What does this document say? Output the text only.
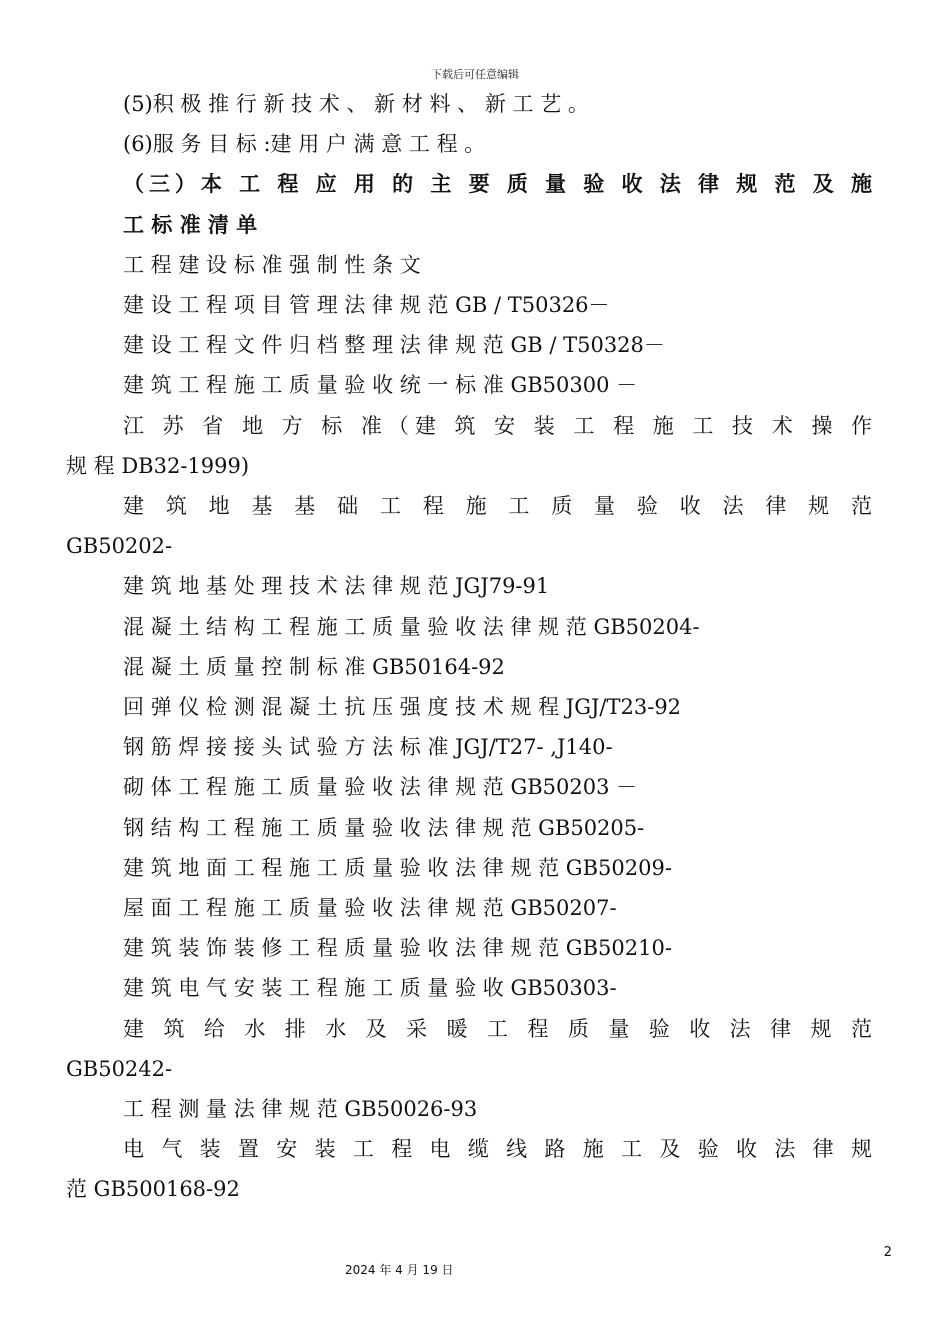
下载后可任意编辑
(5)积 极 推 行 新 技 术 、 新 材 料 、 新 工 艺 。
(6)服 务 目 标 :建 用 户 满 意 工 程 。
（三）本 工 程 应 用 的 主 要 质 量 验 收 法 律 规 范 及 施
工 标 准 清 单
工 程 建 设 标 准 强 制 性 条 文
建 设 工 程 项 目 管 理 法 律 规 范 GB / T50326－
建 设 工 程 文 件 归 档 整 理 法 律 规 范 GB / T50328－
建 筑 工 程 施 工 质 量 验 收 统 一 标 准 GB50300 －
江 苏 省 地 方 标 准（建 筑 安 装 工 程 施 工 技 术 操 作
规 程 DB32-1999)
建 筑 地 基 基 础 工 程 施 工 质 量 验 收 法 律 规 范
GB50202-
建 筑 地 基 处 理 技 术 法 律 规 范 JGJ79-91
混 凝 土 结 构 工 程 施 工 质 量 验 收 法 律 规 范 GB50204-
混 凝 土 质 量 控 制 标 准 GB50164-92
回 弹 仪 检 测 混 凝 土 抗 压 强 度 技 术 规 程 JGJ/T23-92
钢 筋 焊 接 接 头 试 验 方 法 标 准 JGJ/T27- ,J140-
砌 体 工 程 施 工 质 量 验 收 法 律 规 范 GB50203 －
钢 结 构 工 程 施 工 质 量 验 收 法 律 规 范 GB50205-
建 筑 地 面 工 程 施 工 质 量 验 收 法 律 规 范 GB50209-
屋 面 工 程 施 工 质 量 验 收 法 律 规 范 GB50207-
建 筑 装 饰 装 修 工 程 质 量 验 收 法 律 规 范 GB50210-
建 筑 电 气 安 装 工 程 施 工 质 量 验 收 GB50303-
建 筑 给 水 排 水 及 采 暖 工 程 质 量 验 收 法 律 规 范
GB50242-
工 程 测 量 法 律 规 范 GB50026-93
电 气 装 置 安 装 工 程 电 缆 线 路 施 工 及 验 收 法 律 规
范 GB500168-92
2
2024 年 4 月 19 日
